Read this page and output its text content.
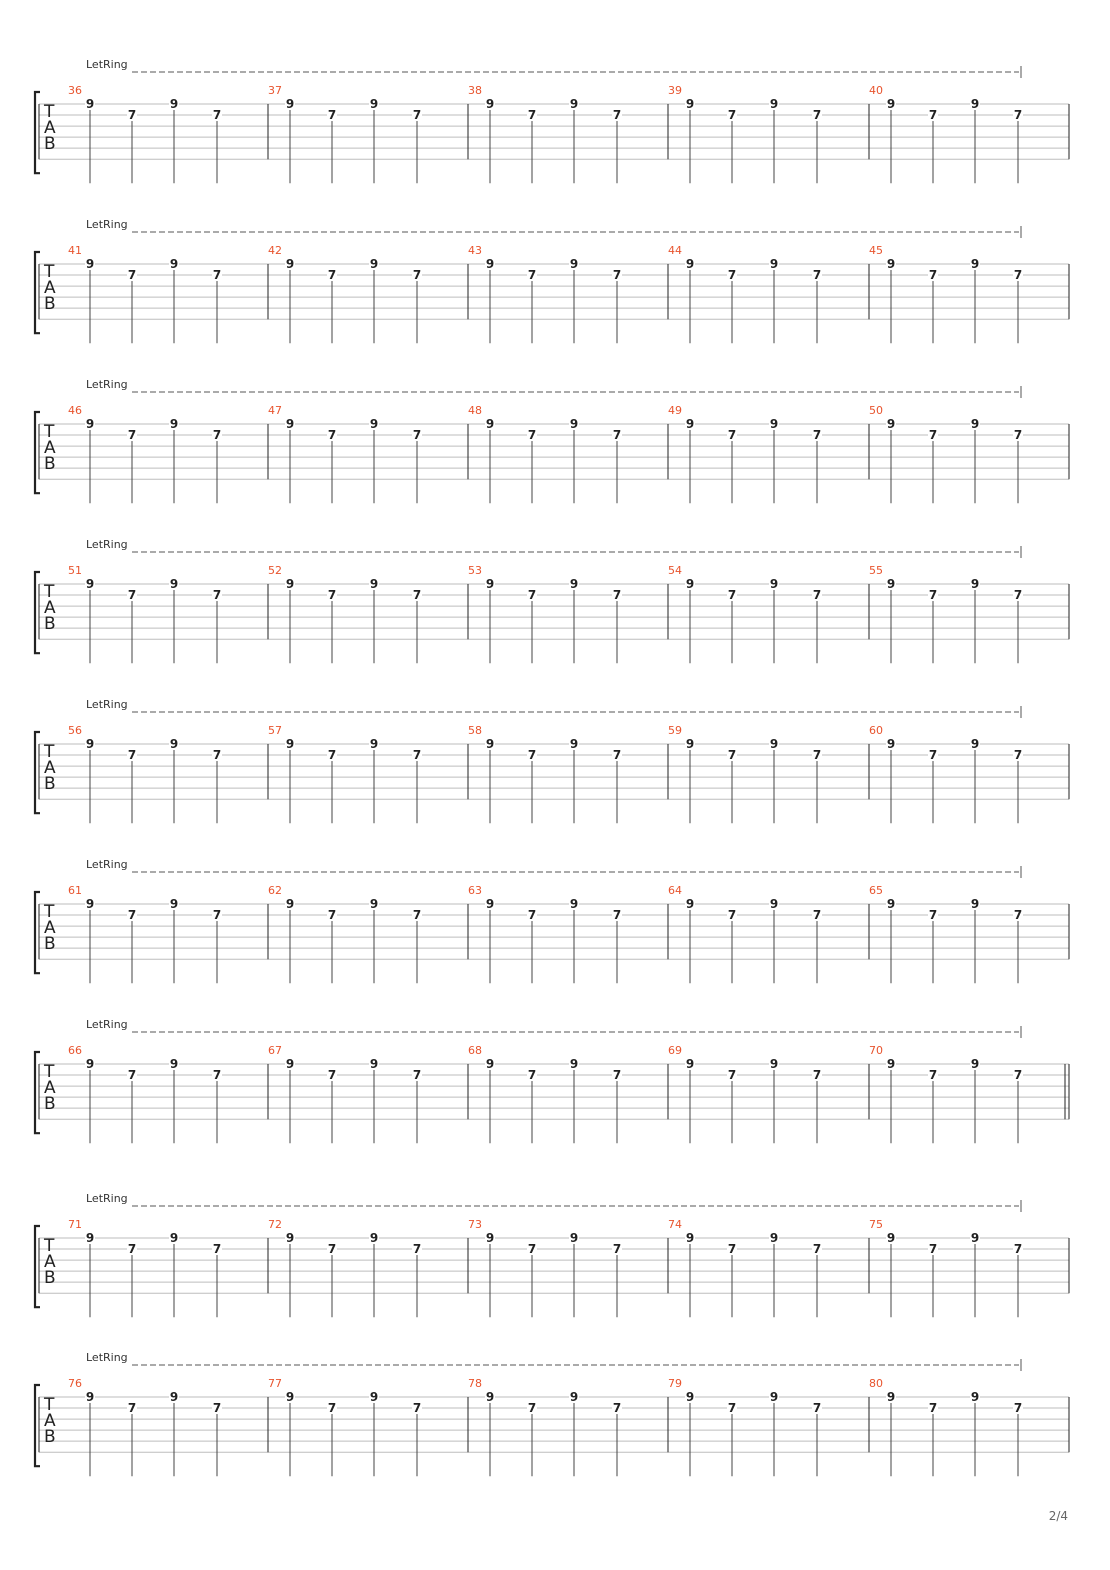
LetRing
T
A
B
36
9
7
9
7
37
9
7
9
7
38
9
7
9
7
39
9
7
9
7
40
9
7
9
7
LetRing
T
A
B
41
9
7
9
7
42
9
7
9
7
43
9
7
9
7
44
9
7
9
7
45
9
7
9
7
LetRing
T
A
B
46
9
7
9
7
47
9
7
9
7
48
9
7
9
7
49
9
7
9
7
50
9
7
9
7
LetRing
T
A
B
51
9
7
9
7
52
9
7
9
7
53
9
7
9
7
54
9
7
9
7
55
9
7
9
7
LetRing
T
A
B
56
9
7
9
7
57
9
7
9
7
58
9
7
9
7
59
9
7
9
7
60
9
7
9
7
LetRing
T
A
B
61
9
7
9
7
62
9
7
9
7
63
9
7
9
7
64
9
7
9
7
65
9
7
9
7
LetRing
T
A
B
66
9
7
9
7
67
9
7
9
7
68
9
7
9
7
69
9
7
9
7
70
9
7
9
7
LetRing
T
A
B
71
9
7
9
7
72
9
7
9
7
73
9
7
9
7
74
9
7
9
7
75
9
7
9
7
LetRing
T
A
B
76
9
7
9
7
77
9
7
9
7
78
9
7
9
7
79
9
7
9
7
80
9
7
9
7
2/4
